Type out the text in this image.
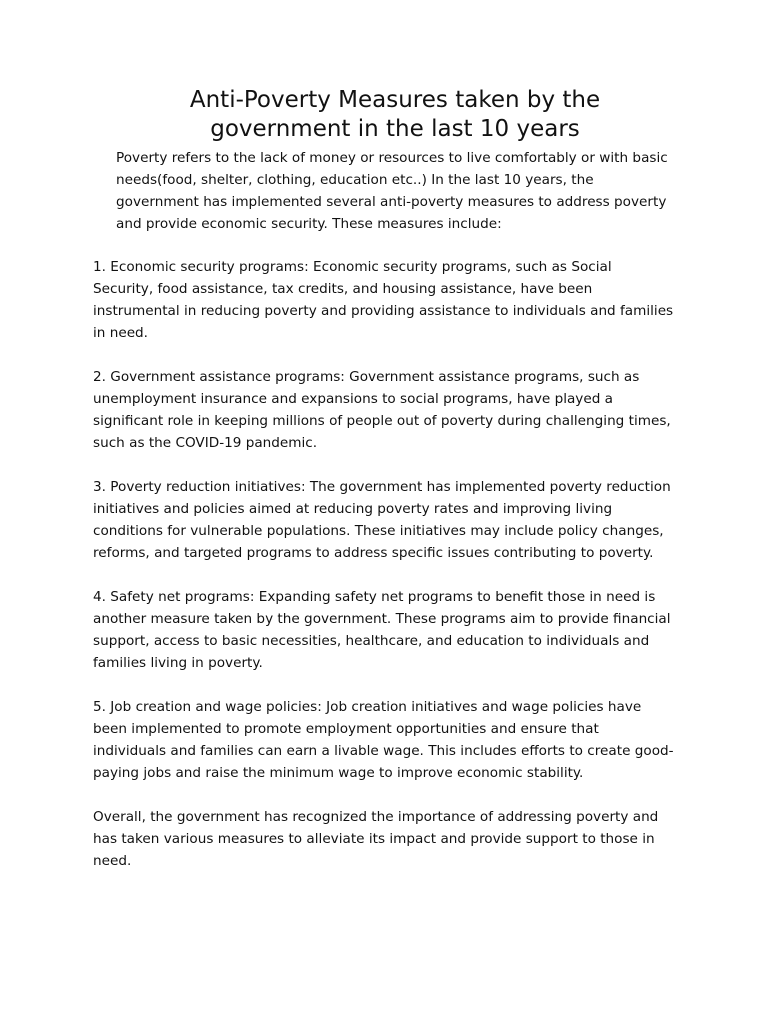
Anti-Poverty Measures taken by the government in the last 10 years

Poverty refers to the lack of money or resources to live comfortably or with basic needs(food, shelter, clothing, education etc..) In the last 10 years, the government has implemented several anti-poverty measures to address poverty and provide economic security. These measures include:

1. Economic security programs: Economic security programs, such as Social Security, food assistance, tax credits, and housing assistance, have been instrumental in reducing poverty and providing assistance to individuals and families in need.

2. Government assistance programs: Government assistance programs, such as unemployment insurance and expansions to social programs, have played a significant role in keeping millions of people out of poverty during challenging times, such as the COVID-19 pandemic.

3. Poverty reduction initiatives: The government has implemented poverty reduction initiatives and policies aimed at reducing poverty rates and improving living conditions for vulnerable populations. These initiatives may include policy changes, reforms, and targeted programs to address specific issues contributing to poverty.

4. Safety net programs: Expanding safety net programs to benefit those in need is another measure taken by the government. These programs aim to provide financial support, access to basic necessities, healthcare, and education to individuals and families living in poverty.

5. Job creation and wage policies: Job creation initiatives and wage policies have been implemented to promote employment opportunities and ensure that individuals and families can earn a livable wage. This includes efforts to create good-paying jobs and raise the minimum wage to improve economic stability.

Overall, the government has recognized the importance of addressing poverty and has taken various measures to alleviate its impact and provide support to those in need.
